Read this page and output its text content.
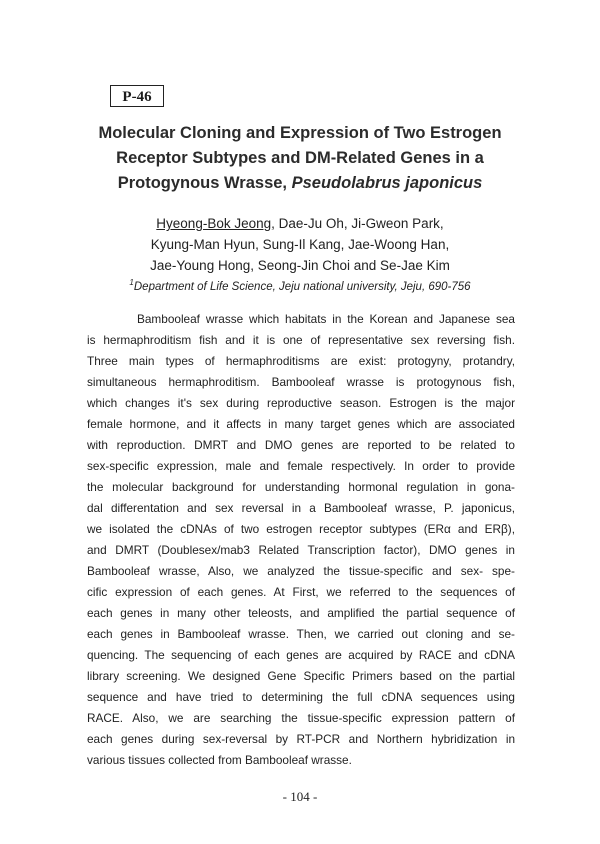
P-46
Molecular Cloning and Expression of Two Estrogen
Receptor Subtypes and DM-Related Genes in a
Protogynous Wrasse, Pseudolabrus japonicus
Hyeong-Bok Jeong, Dae-Ju Oh, Ji-Gweon Park,
Kyung-Man Hyun, Sung-Il Kang, Jae-Woong Han,
Jae-Young Hong, Seong-Jin Choi and Se-Jae Kim
$^1$Department of Life Science, Jeju national university, Jeju, 690-756
Bambooleaf wrasse which habitats in the Korean and Japanese sea
is hermaphroditism fish and it is one of representative sex reversing fish.
Three main types of hermaphroditisms are exist: protogyny, protandry,
simultaneous hermaphroditism. Bambooleaf wrasse is protogynous fish,
which changes it's sex during reproductive season. Estrogen is the major
female hormone, and it affects in many target genes which are associated
with reproduction. DMRT and DMO genes are reported to be related to
sex-specific expression, male and female respectively. In order to provide
the molecular background for understanding hormonal regulation in gona-
dal differentation and sex reversal in a Bambooleaf wrasse, P. japonicus,
we isolated the cDNAs of two estrogen receptor subtypes (ERα and ERβ),
and DMRT (Doublesex/mab3 Related Transcription factor), DMO genes in
Bambooleaf wrasse, Also, we analyzed the tissue-specific and sex- spe-
cific expression of each genes. At First, we referred to the sequences of
each genes in many other teleosts, and amplified the partial sequence of
each genes in Bambooleaf wrasse. Then, we carried out cloning and se-
quencing. The sequencing of each genes are acquired by RACE and cDNA
library screening. We designed Gene Specific Primers based on the partial
sequence and have tried to determining the full cDNA sequences using
RACE. Also, we are searching the tissue-specific expression pattern of
each genes during sex-reversal by RT-PCR and Northern hybridization in
various tissues collected from Bambooleaf wrasse.
- 104 -
